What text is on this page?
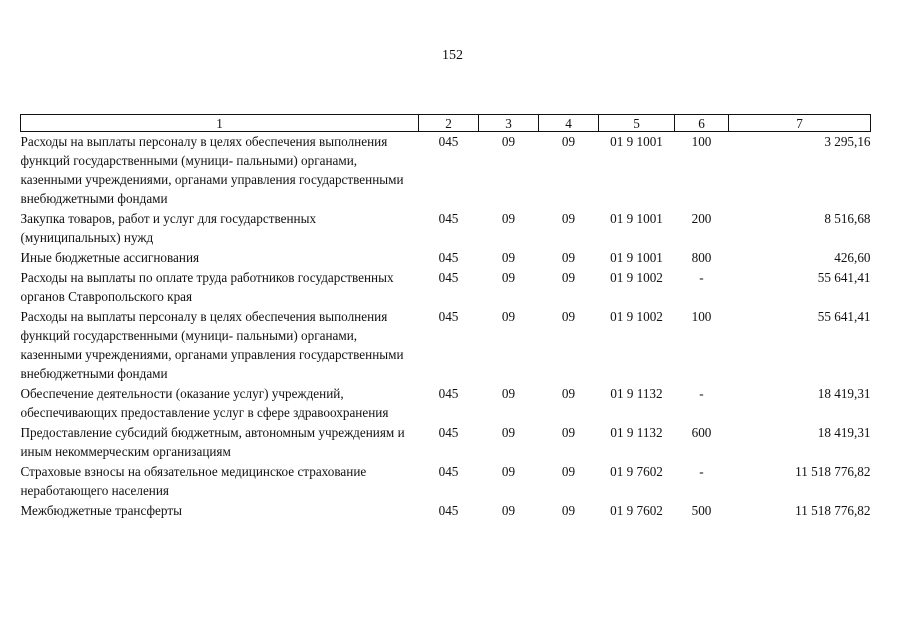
152
1	2	3	4	5	6	7
Расходы на выплаты персоналу в целях обеспечения выполнения функций государственными (муници- пальными) органами, казенными учреждениями, органами управления государственными внебюджетными фондами	045	09	09	01 9 1001	100	3 295,16
Закупка товаров, работ и услуг для государственных (муниципальных) нужд	045	09	09	01 9 1001	200	8 516,68
Иные бюджетные ассигнования	045	09	09	01 9 1001	800	426,60
Расходы на выплаты по оплате труда работников государственных органов Ставропольского края	045	09	09	01 9 1002	-	55 641,41
Расходы на выплаты персоналу в целях обеспечения выполнения функций государственными (муници- пальными) органами, казенными учреждениями, органами управления государственными внебюджетными фондами	045	09	09	01 9 1002	100	55 641,41
Обеспечение деятельности (оказание услуг) учреждений, обеспечивающих предоставление услуг в сфере здравоохранения	045	09	09	01 9 1132	-	18 419,31
Предоставление субсидий бюджетным, автономным учреждениям и иным некоммерческим организациям	045	09	09	01 9 1132	600	18 419,31
Страховые взносы на обязательное медицинское страхование неработающего населения	045	09	09	01 9 7602	-	11 518 776,82
Межбюджетные трансферты	045	09	09	01 9 7602	500	11 518 776,82
